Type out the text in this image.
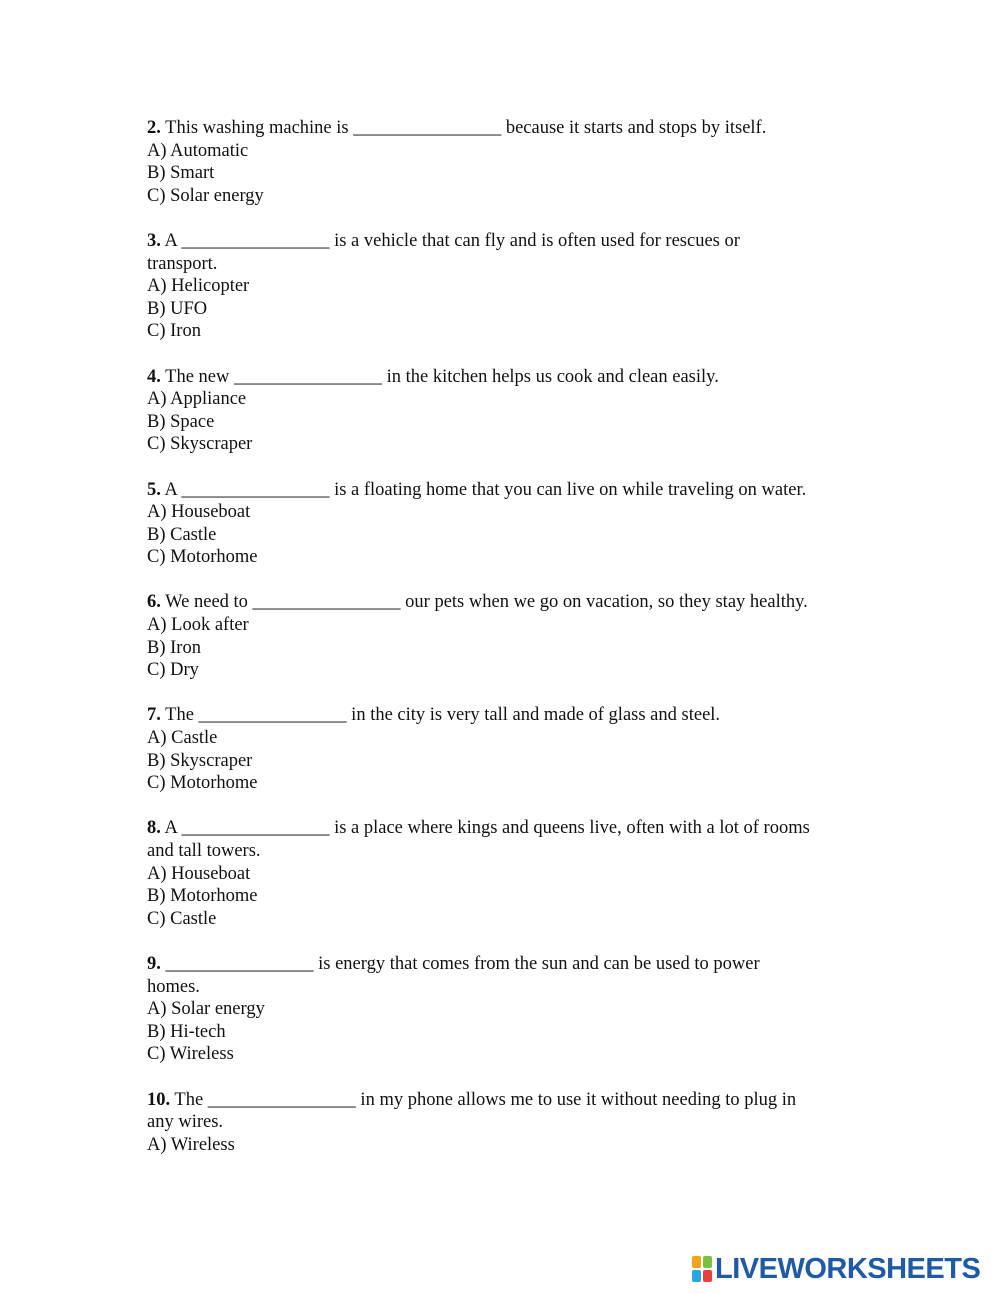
2. This washing machine is ________________ because it starts and stops by itself.
A) Automatic
B) Smart
C) Solar energy
3. A ________________ is a vehicle that can fly and is often used for rescues or
transport.
A) Helicopter
B) UFO
C) Iron
4. The new ________________ in the kitchen helps us cook and clean easily.
A) Appliance
B) Space
C) Skyscraper
5. A ________________ is a floating home that you can live on while traveling on water.
A) Houseboat
B) Castle
C) Motorhome
6. We need to ________________ our pets when we go on vacation, so they stay healthy.
A) Look after
B) Iron
C) Dry
7. The ________________ in the city is very tall and made of glass and steel.
A) Castle
B) Skyscraper
C) Motorhome
8. A ________________ is a place where kings and queens live, often with a lot of rooms
and tall towers.
A) Houseboat
B) Motorhome
C) Castle
9. ________________ is energy that comes from the sun and can be used to power
homes.
A) Solar energy
B) Hi-tech
C) Wireless
10. The ________________ in my phone allows me to use it without needing to plug in
any wires.
A) Wireless
LIVEWORKSHEETS
